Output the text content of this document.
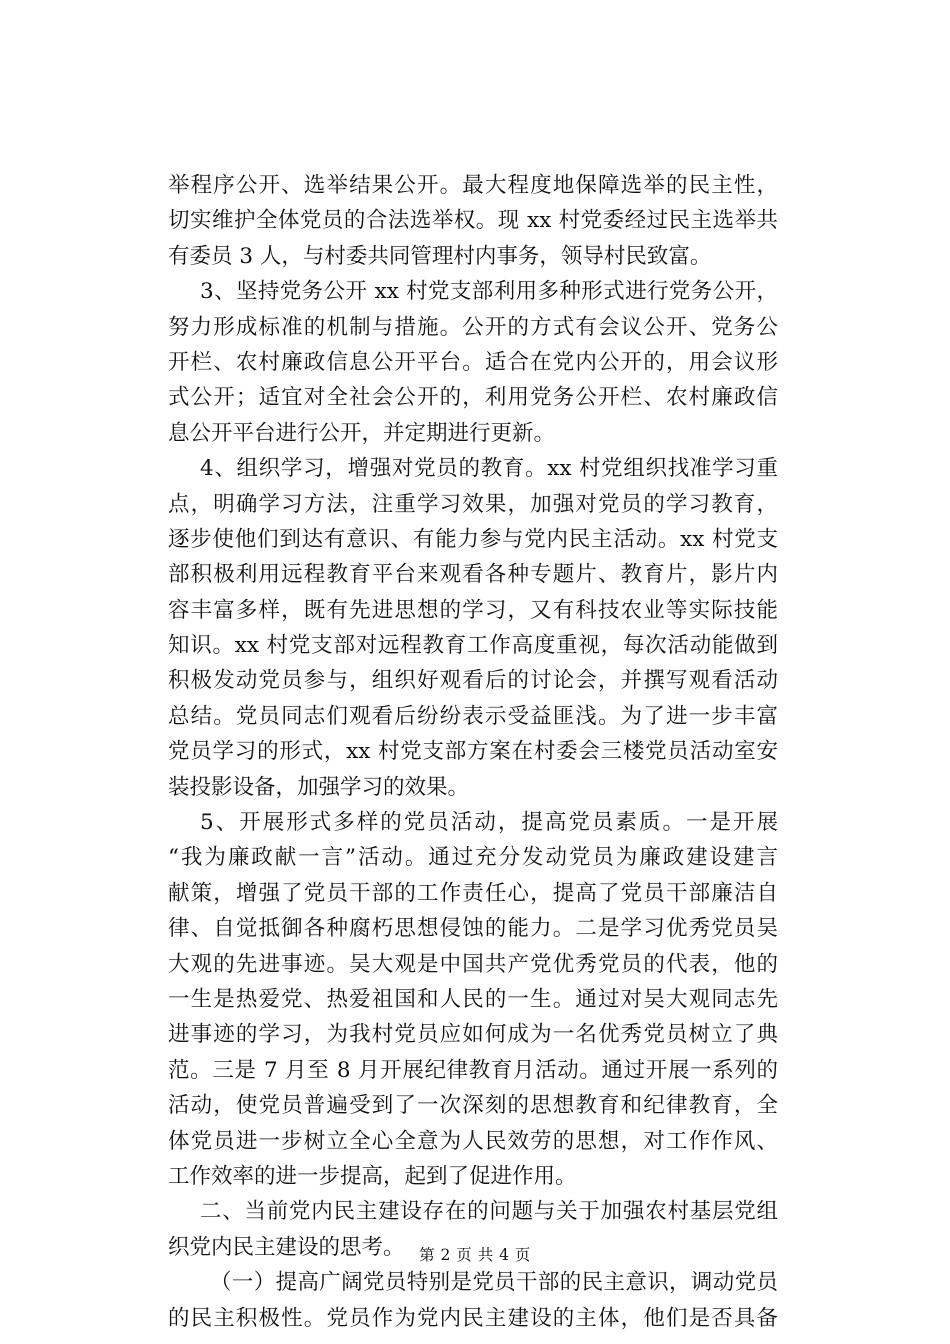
举程序公开、选举结果公开。最大程度地保障选举的民主性，
切实维护全体党员的合法选举权。现 xx 村党委经过民主选举共
有委员 3 人，与村委共同管理村内事务，领导村民致富。
3、坚持党务公开 xx 村党支部利用多种形式进行党务公开，
努力形成标准的机制与措施。公开的方式有会议公开、党务公
开栏、农村廉政信息公开平台。适合在党内公开的，用会议形
式公开；适宜对全社会公开的，利用党务公开栏、农村廉政信
息公开平台进行公开，并定期进行更新。
4、组织学习，增强对党员的教育。xx 村党组织找准学习重
点，明确学习方法，注重学习效果，加强对党员的学习教育，
逐步使他们到达有意识、有能力参与党内民主活动。xx 村党支
部积极利用远程教育平台来观看各种专题片、教育片，影片内
容丰富多样，既有先进思想的学习，又有科技农业等实际技能
知识。xx 村党支部对远程教育工作高度重视，每次活动能做到
积极发动党员参与，组织好观看后的讨论会，并撰写观看活动
总结。党员同志们观看后纷纷表示受益匪浅。为了进一步丰富
党员学习的形式，xx 村党支部方案在村委会三楼党员活动室安
装投影设备，加强学习的效果。
5、开展形式多样的党员活动，提高党员素质。一是开展
“我为廉政献一言”活动。通过充分发动党员为廉政建设建言
献策，增强了党员干部的工作责任心，提高了党员干部廉洁自
律、自觉抵御各种腐朽思想侵蚀的能力。二是学习优秀党员吴
大观的先进事迹。吴大观是中国共产党优秀党员的代表，他的
一生是热爱党、热爱祖国和人民的一生。通过对吴大观同志先
进事迹的学习，为我村党员应如何成为一名优秀党员树立了典
范。三是 7 月至 8 月开展纪律教育月活动。通过开展一系列的
活动，使党员普遍受到了一次深刻的思想教育和纪律教育，全
体党员进一步树立全心全意为人民效劳的思想，对工作作风、
工作效率的进一步提高，起到了促进作用。
二、当前党内民主建设存在的问题与关于加强农村基层党组
织党内民主建设的思考。
（一）提高广阔党员特别是党员干部的民主意识，调动党员
的民主积极性。党员作为党内民主建设的主体，他们是否具备
第 2 页 共 4 页
